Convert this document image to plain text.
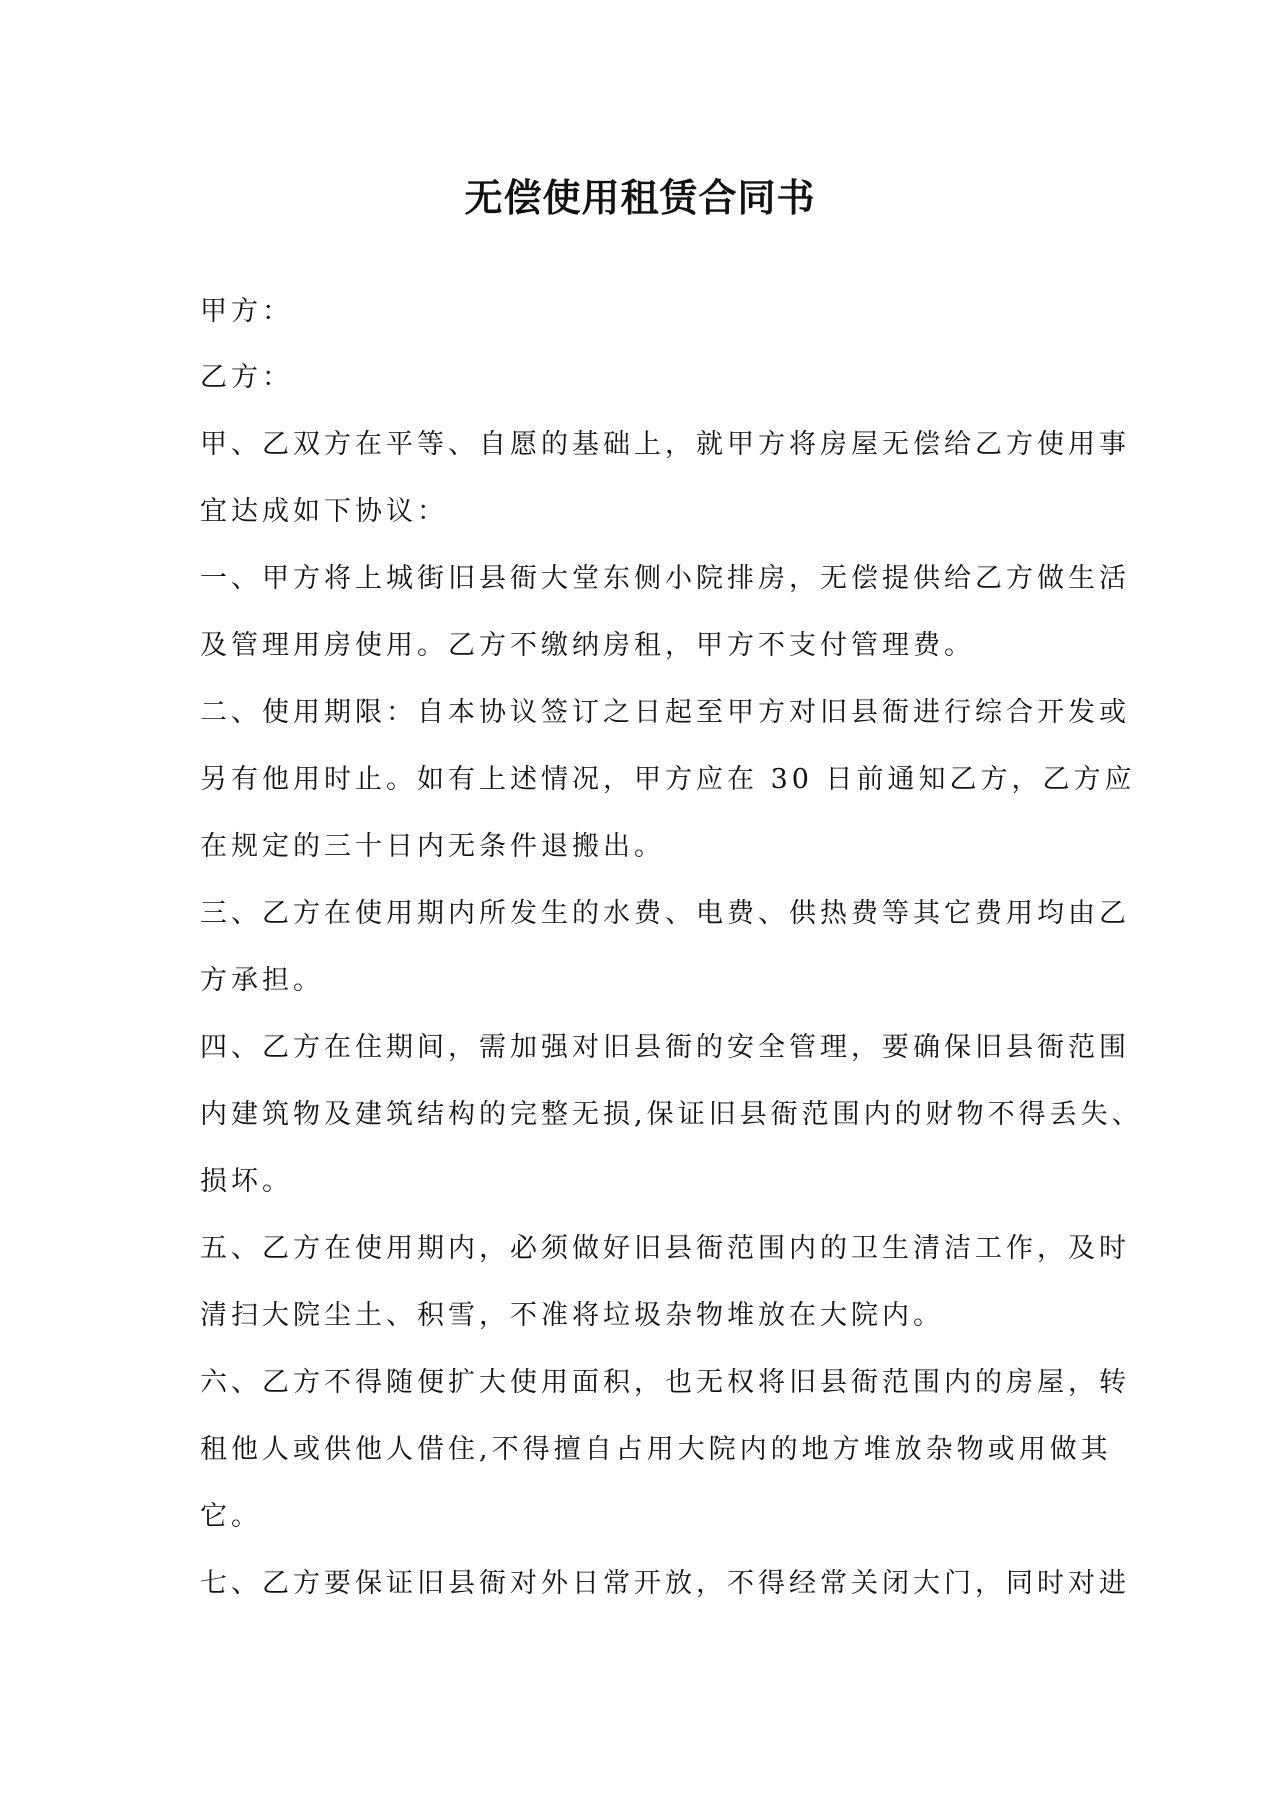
无偿使用租赁合同书

甲方：

乙方：

甲、乙双方在平等、自愿的基础上，就甲方将房屋无偿给乙方使用事

宜达成如下协议：

一、甲方将上城街旧县衙大堂东侧小院排房，无偿提供给乙方做生活

及管理用房使用。乙方不缴纳房租，甲方不支付管理费。

二、使用期限：自本协议签订之日起至甲方对旧县衙进行综合开发或

另有他用时止。如有上述情况，甲方应在 30 日前通知乙方，乙方应

在规定的三十日内无条件退搬出。

三、乙方在使用期内所发生的水费、电费、供热费等其它费用均由乙

方承担。

四、乙方在住期间，需加强对旧县衙的安全管理，要确保旧县衙范围

内建筑物及建筑结构的完整无损,保证旧县衙范围内的财物不得丢失、

损坏。

五、乙方在使用期内，必须做好旧县衙范围内的卫生清洁工作，及时

清扫大院尘土、积雪，不准将垃圾杂物堆放在大院内。

六、乙方不得随便扩大使用面积，也无权将旧县衙范围内的房屋，转

租他人或供他人借住,不得擅自占用大院内的地方堆放杂物或用做其

它。

七、乙方要保证旧县衙对外日常开放，不得经常关闭大门，同时对进
